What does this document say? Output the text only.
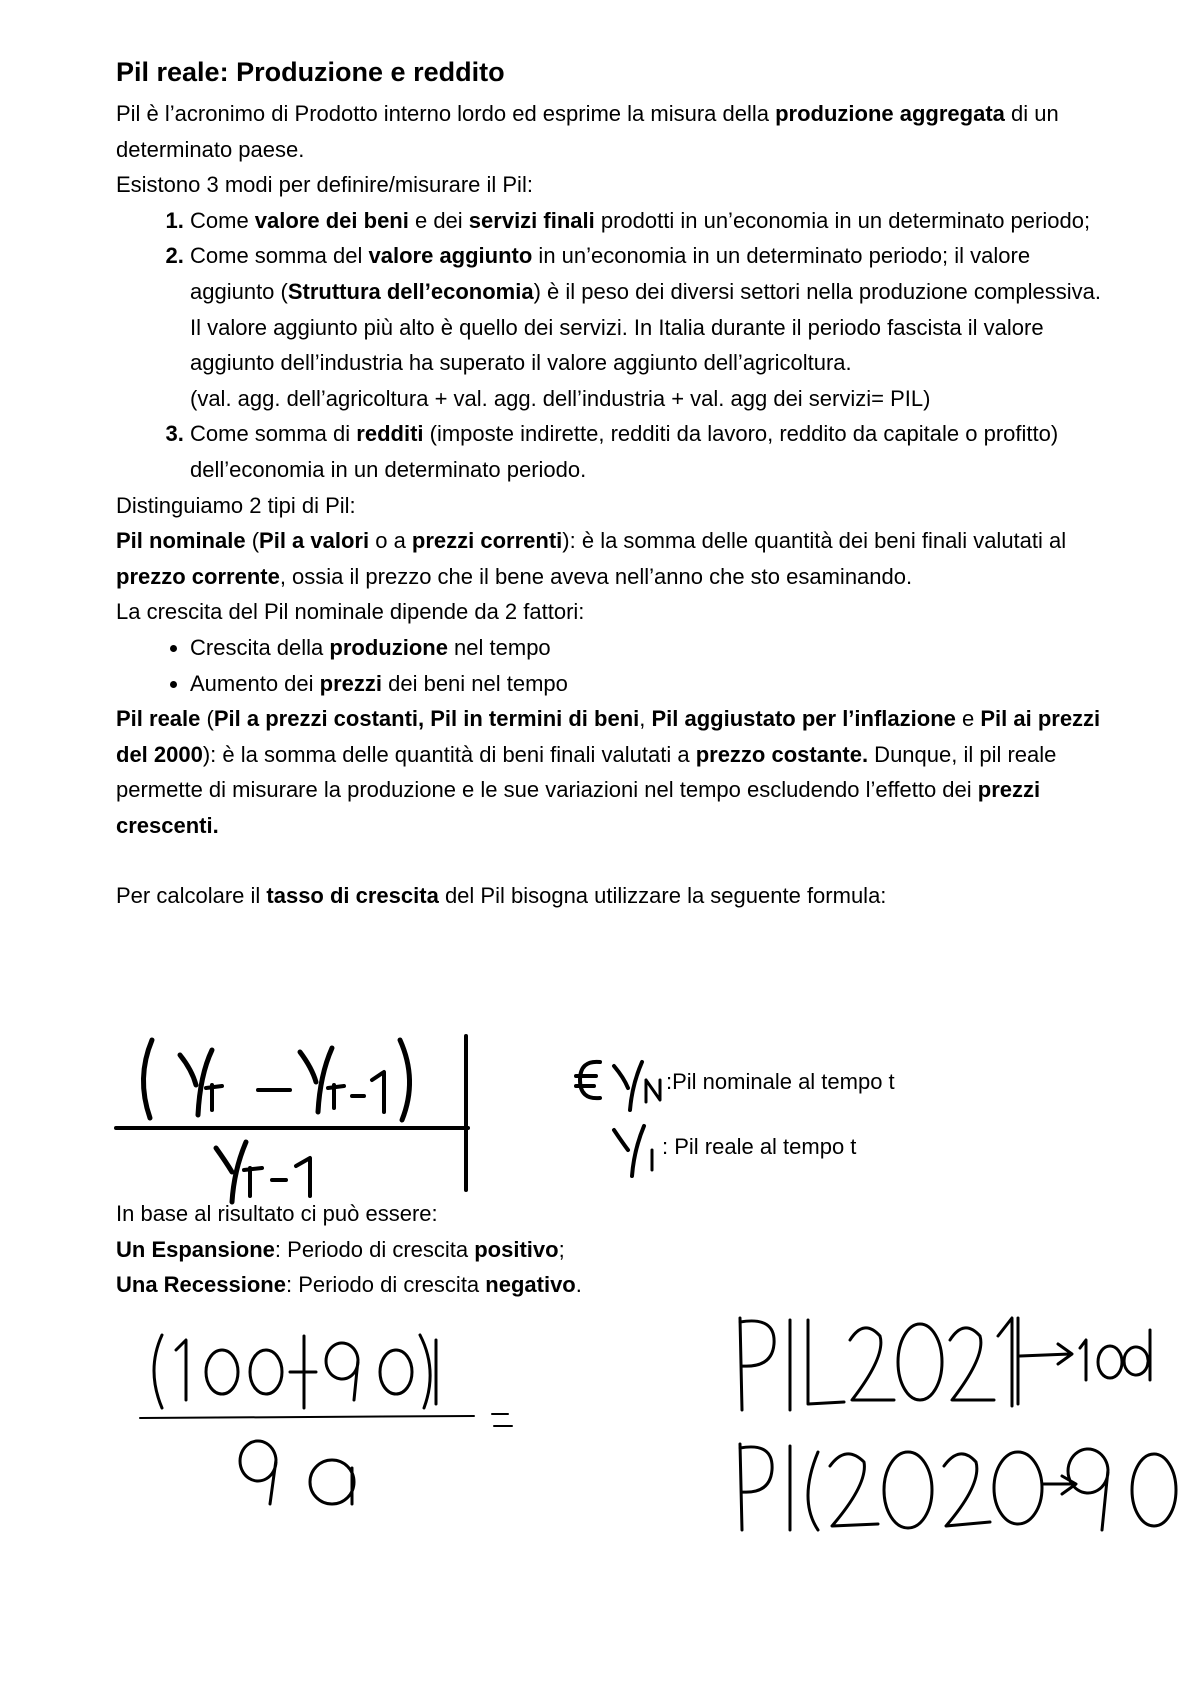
Pil reale: Produzione e reddito

Pil è l’acronimo di Prodotto interno lordo ed esprime la misura della produzione aggregata di un determinato paese.

Esistono 3 modi per definire/misurare il Pil:

1. Come valore dei beni e dei servizi finali prodotti in un’economia in un determinato periodo;
2. Come somma del valore aggiunto in un’economia in un determinato periodo; il valore aggiunto (Struttura dell’economia) è il peso dei diversi settori nella produzione complessiva. Il valore aggiunto più alto è quello dei servizi. In Italia durante il periodo fascista il valore aggiunto dell’industria ha superato il valore aggiunto dell’agricoltura.
(val. agg. dell’agricoltura + val. agg. dell’industria + val. agg dei servizi= PIL)
3. Come somma di redditi (imposte indirette, redditi da lavoro, reddito da capitale o profitto) dell’economia in un determinato periodo.

Distinguiamo 2 tipi di Pil:

Pil nominale (Pil a valori o a prezzi correnti): è la somma delle quantità dei beni finali valutati al prezzo corrente, ossia il prezzo che il bene aveva nell’anno che sto esaminando.

La crescita del Pil nominale dipende da 2 fattori:

• Crescita della produzione nel tempo
• Aumento dei prezzi dei beni nel tempo

Pil reale (Pil a prezzi costanti, Pil in termini di beni, Pil aggiustato per l’inflazione e Pil ai prezzi del 2000): è la somma delle quantità di beni finali valutati a prezzo costante. Dunque, il pil reale permette di misurare la produzione e le sue variazioni nel tempo escludendo l’effetto dei prezzi crescenti.

Per calcolare il tasso di crescita del Pil bisogna utilizzare la seguente formula:

:Pil nominale al tempo t
: Pil reale al tempo t

In base al risultato ci può essere:

Un Espansione: Periodo di crescita positivo;

Una Recessione: Periodo di crescita negativo.
